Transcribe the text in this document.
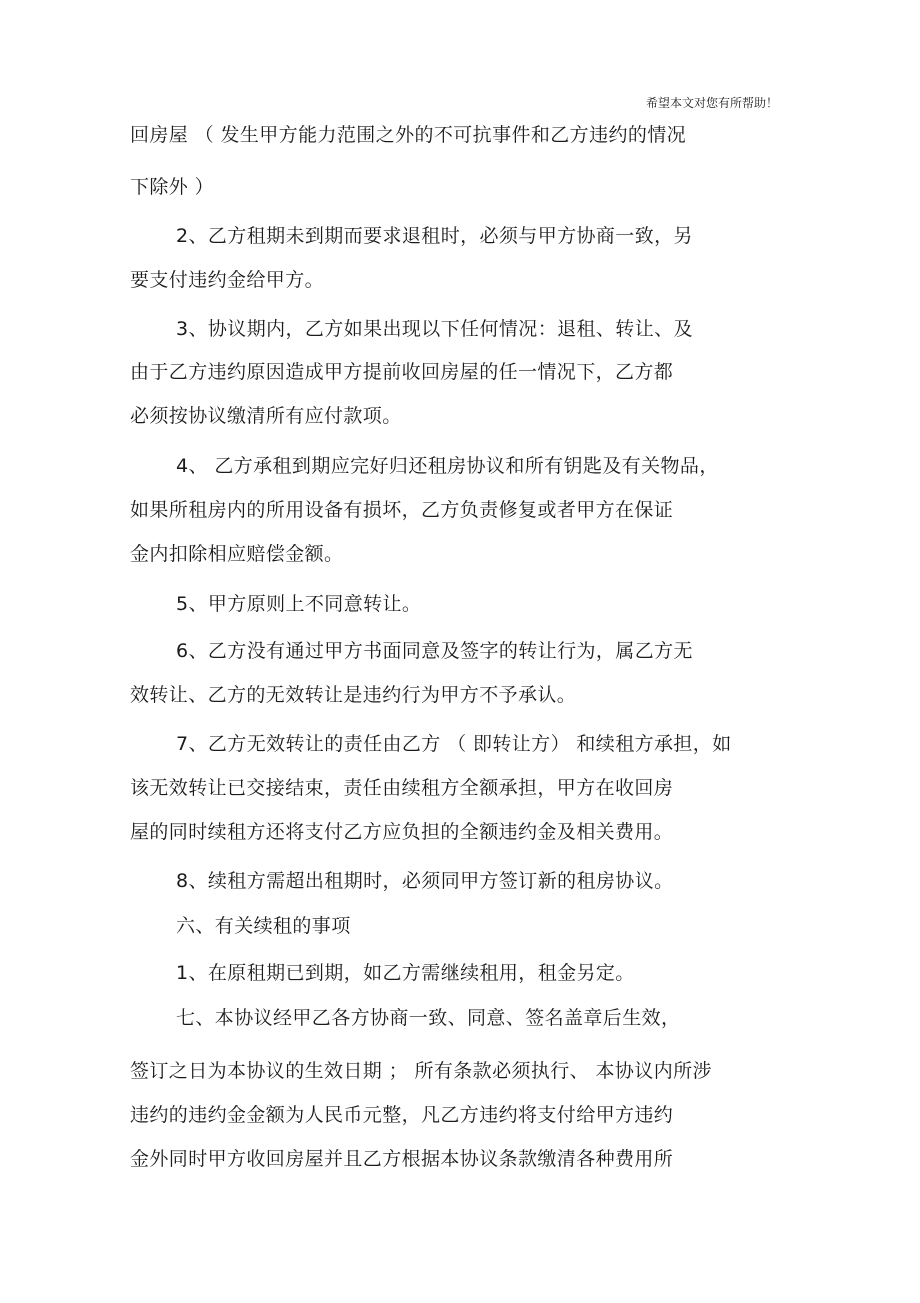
希望本文对您有所帮助！
回房屋 （ 发生甲方能力范围之外的不可抗事件和乙方违约的情况
下除外 ）
2、乙方租期未到期而要求退租时，必须与甲方协商一致，另
要支付违约金给甲方。
3、协议期内，乙方如果出现以下任何情况：退租、转让、及
由于乙方违约原因造成甲方提前收回房屋的任一情况下，乙方都
必须按协议缴清所有应付款项。
4、 乙方承租到期应完好归还租房协议和所有钥匙及有关物品，
如果所租房内的所用设备有损坏，乙方负责修复或者甲方在保证
金内扣除相应赔偿金额。
5、甲方原则上不同意转让。
6、乙方没有通过甲方书面同意及签字的转让行为，属乙方无
效转让、乙方的无效转让是违约行为甲方不予承认。
7、乙方无效转让的责任由乙方 （ 即转让方） 和续租方承担，如
该无效转让已交接结束，责任由续租方全额承担，甲方在收回房
屋的同时续租方还将支付乙方应负担的全额违约金及相关费用。
8、续租方需超出租期时，必须同甲方签订新的租房协议。
六、有关续租的事项
1、在原租期已到期，如乙方需继续租用，租金另定。
七、本协议经甲乙各方协商一致、同意、签名盖章后生效，
签订之日为本协议的生效日期 ； 所有条款必须执行、 本协议内所涉
违约的违约金金额为人民币元整，凡乙方违约将支付给甲方违约
金外同时甲方收回房屋并且乙方根据本协议条款缴清各种费用所
